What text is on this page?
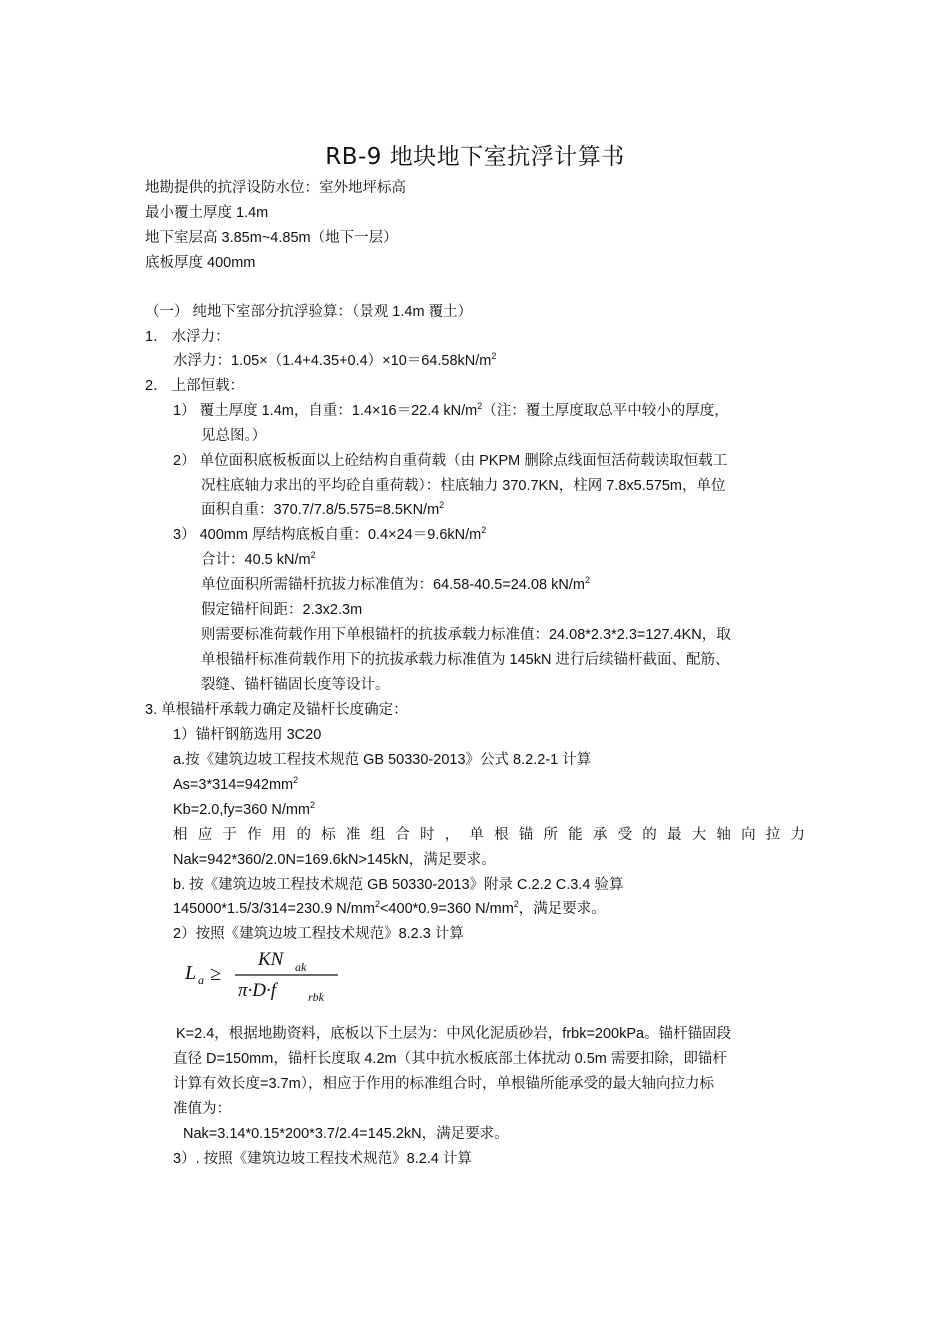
RB-9 地块地下室抗浮计算书
地勘提供的抗浮设防水位：室外地坪标高
最小覆土厚度 1.4m
地下室层高 3.85m~4.85m（地下一层）
底板厚度 400mm
（一） 纯地下室部分抗浮验算：（景观 1.4m 覆土）
1． 水浮力：
水浮力：$1.05\times(1.4+4.35+0.4)\times 10=64.58kN/m^2$
2． 上部恒载：
1） 覆土厚度 1.4m，自重：1.4×16＝22.4 $kN/m^2$（注：覆土厚度取总平中较小的厚度，
见总图。）
2） 单位面积底板板面以上砼结构自重荷载（由 PKPM 删除点线面恒活荷载读取恒载工
况柱底轴力求出的平均砼自重荷载）：柱底轴力 370.7KN，柱网 7.8x5.575m，单位
面积自重：$370.7/7.8/5.575=8.5KN/m^2$
3） 400mm 厚结构底板自重：$0.4\times 24=9.6kN/m^2$
合计：40.5 $kN/m^2$
单位面积所需锚杆抗拔力标准值为：64.58-40.5=24.08 $kN/m^2$
假定锚杆间距：2.3x2.3m
则需要标准荷载作用下单根锚杆的抗拔承载力标准值：24.08*2.3*2.3=127.4KN，取
单根锚杆标准荷载作用下的抗拔承载力标准值为 145kN 进行后续锚杆截面、配筋、
裂缝、锚杆锚固长度等设计。
3. 单根锚杆承载力确定及锚杆长度确定：
1）锚杆钢筋选用 3C20
a.按《建筑边坡工程技术规范 GB 50330-2013》公式 8.2.2-1 计算
$As=3*314=942mm^2$
Kb=2.0,fy=360 $N/mm^2$
相 应 于 作 用 的 标 准 组 合 时 ， 单 根 锚 所 能 承 受 的 最 大 轴 向 拉 力
Nak=942*360/2.0N=169.6kN>145kN，满足要求。
b. 按《建筑边坡工程技术规范 GB 50330-2013》附录 C.2.2 C.3.4 验算
145000*1.5/3/314=230.9 $N/mm^2<400*0.9=360$ $N/mm^2$，满足要求。
2）按照《建筑边坡工程技术规范》8.2.3 计算
L a ≥
KN ak
π·D·f	rbk
K=2.4，根据地勘资料，底板以下土层为：中风化泥质砂岩，frbk=200kPa。锚杆锚固段
直径 D=150mm，锚杆长度取 4.2m（其中抗水板底部土体扰动 0.5m 需要扣除，即锚杆
计算有效长度=3.7m），相应于作用的标准组合时，单根锚所能承受的最大轴向拉力标
准值为：
Nak=3.14*0.15*200*3.7/2.4=145.2kN，满足要求。
3）. 按照《建筑边坡工程技术规范》8.2.4 计算
